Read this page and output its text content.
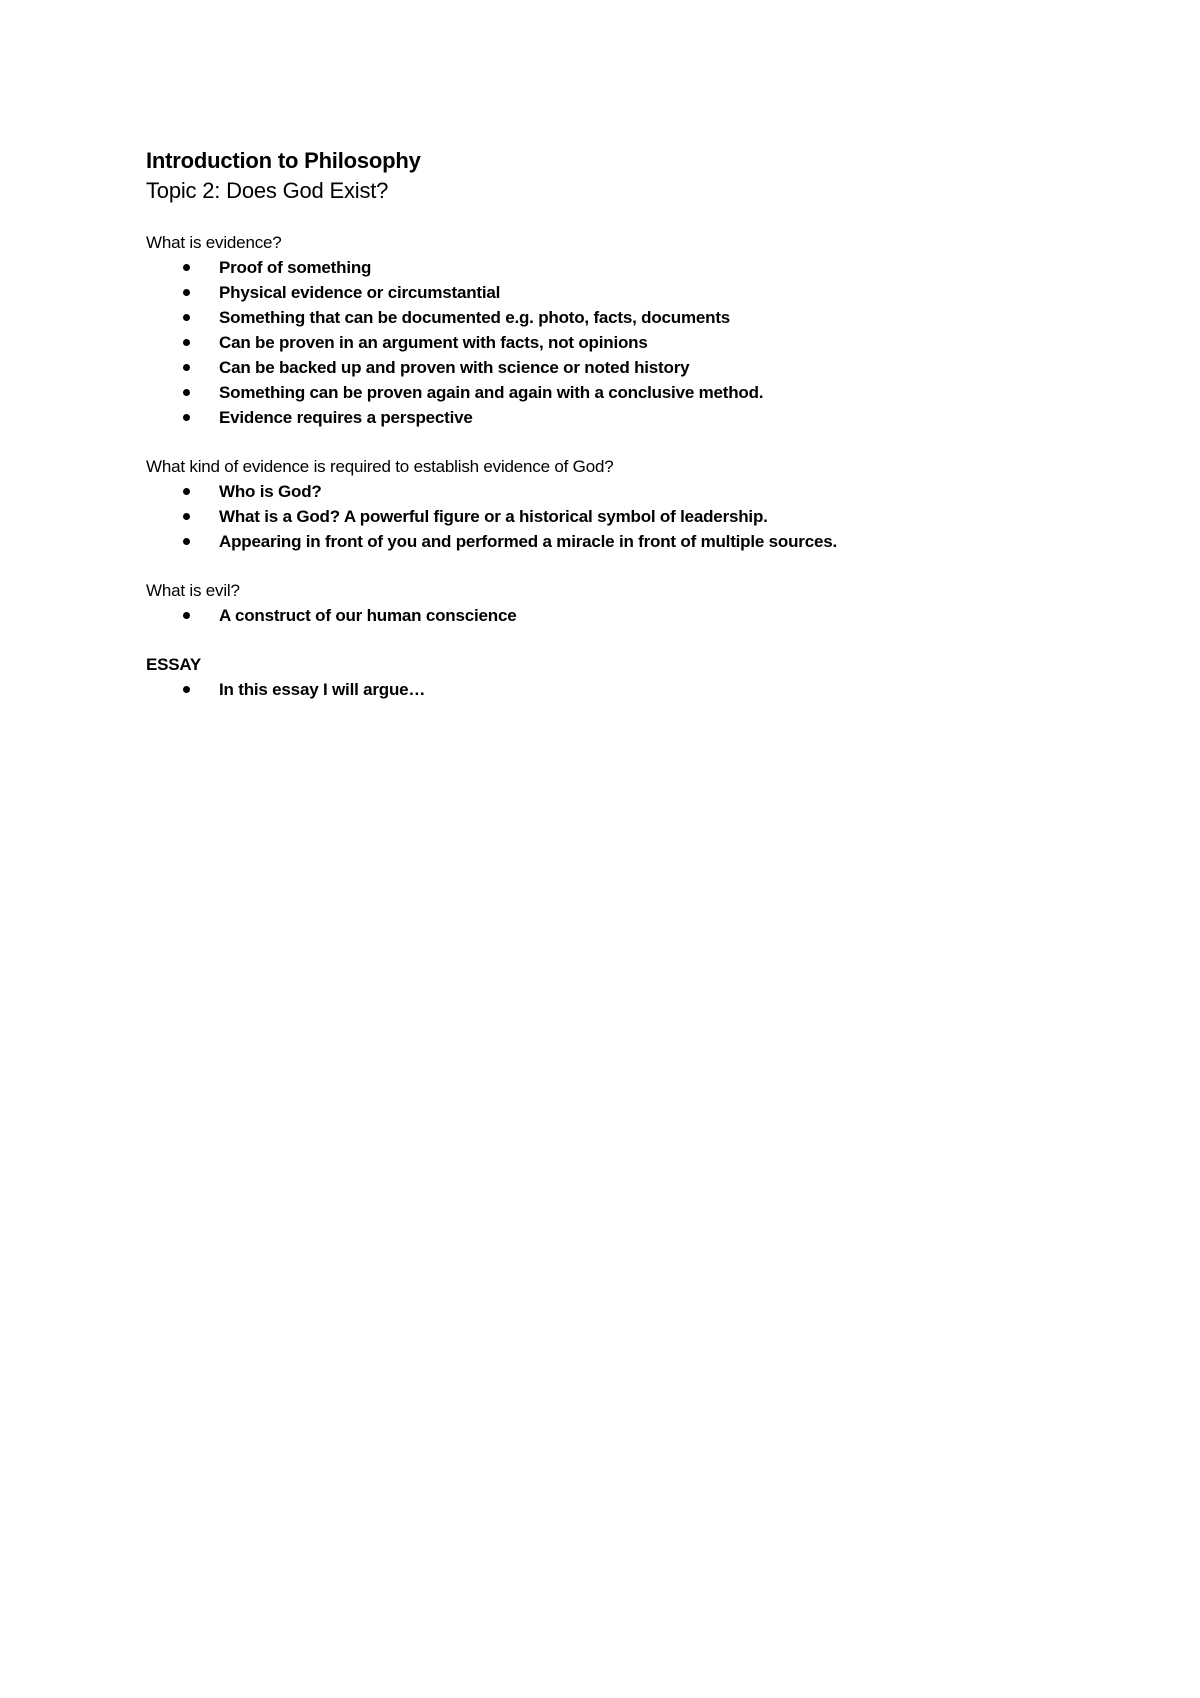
Introduction to Philosophy
Topic 2: Does God Exist?

What is evidence?

Proof of something
Physical evidence or circumstantial
Something that can be documented e.g. photo, facts, documents
Can be proven in an argument with facts, not opinions
Can be backed up and proven with science or noted history
Something can be proven again and again with a conclusive method.
Evidence requires a perspective

What kind of evidence is required to establish evidence of God?

Who is God?
What is a God? A powerful figure or a historical symbol of leadership.
Appearing in front of you and performed a miracle in front of multiple sources.

What is evil?

A construct of our human conscience

ESSAY

In this essay I will argue…
